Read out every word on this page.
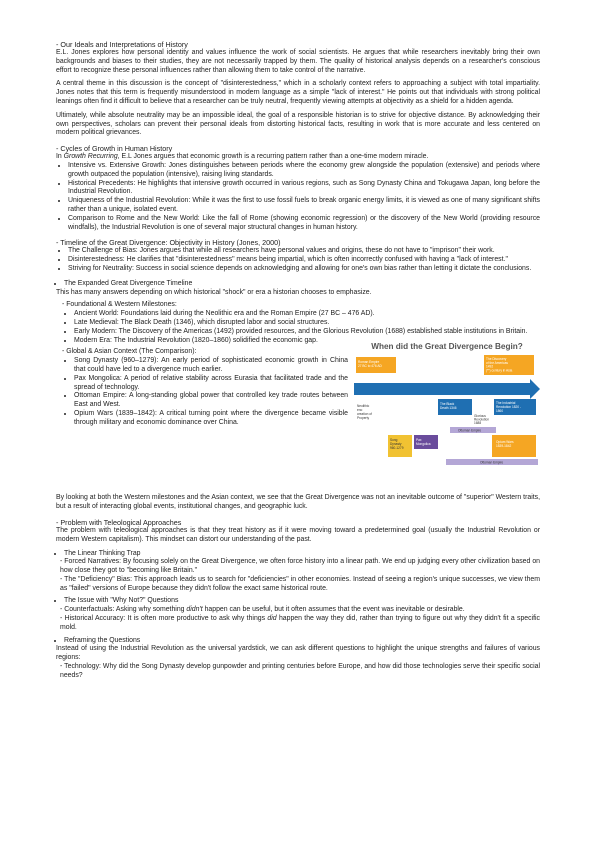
- Our Ideals and Interpretations of History

E.L. Jones explores how personal identity and values influence the work of social scientists. He argues that while researchers inevitably bring their own backgrounds and biases to their studies, they are not necessarily trapped by them. The quality of historical analysis depends on a researcher's conscious effort to recognize these personal influences rather than allowing them to take control of the narrative.

A central theme in this discussion is the concept of "disinterestedness," which in a scholarly context refers to approaching a subject with total impartiality. Jones notes that this term is frequently misunderstood in modern language as a simple "lack of interest." He points out that individuals with strong political leanings often find it difficult to believe that a researcher can be truly neutral, frequently viewing attempts at objectivity as a shield for a hidden agenda.

Ultimately, while absolute neutrality may be an impossible ideal, the goal of a responsible historian is to strive for objective distance. By acknowledging their own perspectives, scholars can prevent their personal ideals from distorting historical facts, resulting in work that is more accurate and less centered on modern political grievances.

- Cycles of Growth in Human History
In Growth Recurring, E.L Jones argues that economic growth is a recurring pattern rather than a one-time modern miracle.
• Intensive vs. Extensive Growth: Jones distinguishes between periods where the economy grew alongside the population (extensive) and periods where growth outpaced the population (intensive), raising living standards.
• Historical Precedents: He highlights that intensive growth occurred in various regions, such as Song Dynasty China and Tokugawa Japan, long before the Industrial Revolution.
• Uniqueness of the Industrial Revolution: While it was the first to use fossil fuels to break organic energy limits, it is viewed as one of many significant shifts rather than a unique, isolated event.
• Comparison to Rome and the New World: Like the fall of Rome (showing economic regression) or the discovery of the New World (providing resource windfalls), the Industrial Revolution is one of several major structural changes in human history.
- Timeline of the Great Divergence: Objectivity in History (Jones, 2000)
• The Challenge of Bias: Jones argues that while all researchers have personal values and origins, these do not have to "imprison" their work.
• Disinterestedness: He clarifies that "disinterestedness" means being impartial, which is often incorrectly confused with having a "lack of interest."
• Striving for Neutrality: Success in social science depends on acknowledging and allowing for one's own bias rather than letting it dictate the conclusions.
• The Expanded Great Divergence Timeline
This has many answers depending on which historical "shock" or era a historian chooses to emphasize.
- Foundational & Western Milestones:
• Ancient World: Foundations laid during the Neolithic era and the Roman Empire (27 BC – 476 AD).
• Late Medieval: The Black Death (1346), which disrupted labor and social structures.
• Early Modern: The Discovery of the Americas (1492) provided resources, and the Glorious Revolution (1688) established stable institutions in Britain.
• Modern Era: The Industrial Revolution (1820–1860) solidified the economic gap.
- Global & Asian Context (The Comparison):
• Song Dynasty (960–1279): An early period of sophisticated economic growth in China that could have led to a divergence much earlier.
• Pax Mongolica: A period of relative stability across Eurasia that facilitated trade and the spread of technology.
• Ottoman Empire: A long-standing global power that controlled key trade routes between East and West.
• Opium Wars (1839–1842): A critical turning point where the divergence became visible through military and economic dominance over China.
When did the Great Divergence Begin?
Roman Empire 27 BC to 476 AD
The Discovery of the Americas 1492 (**) century in Asia
Neolithic era: creation of Property
The Black Death 1346
Glorious Revolution 1688
The Industrial Revolution 1820 -1860
Song Dynasty 960-1279
Pax Mongolica
Ottoman Empire
Opium Wars 1839-1842
Ottoman Empire

By looking at both the Western milestones and the Asian context, we see that the Great Divergence was not an inevitable outcome of "superior" Western traits, but a result of interacting global events, institutional changes, and geographic luck.

- Problem with Teleological Approaches

The problem with teleological approaches is that they treat history as if it were moving toward a predetermined goal (usually the Industrial Revolution or modern Western capitalism). This mindset can distort our understanding of the past.

• The Linear Thinking Trap
- Forced Narratives: By focusing solely on the Great Divergence, we often force history into a linear path. We end up judging every other civilization based on how close they got to "becoming like Britain."
- The "Deficiency" Bias: This approach leads us to search for "deficiencies" in other economies. Instead of seeing a region's unique successes, we view them as "failed" versions of Europe because they didn't follow the exact same historical route.
• The Issue with "Why Not?" Questions
- Counterfactuals: Asking why something didn't happen can be useful, but it often assumes that the event was inevitable or desirable.
- Historical Accuracy: It is often more productive to ask why things did happen the way they did, rather than trying to figure out why they didn't fit a specific mold.
• Reframing the Questions
Instead of using the Industrial Revolution as the universal yardstick, we can ask different questions to highlight the unique strengths and failures of various regions:
- Technology: Why did the Song Dynasty develop gunpowder and printing centuries before Europe, and how did those technologies serve their specific social needs?
